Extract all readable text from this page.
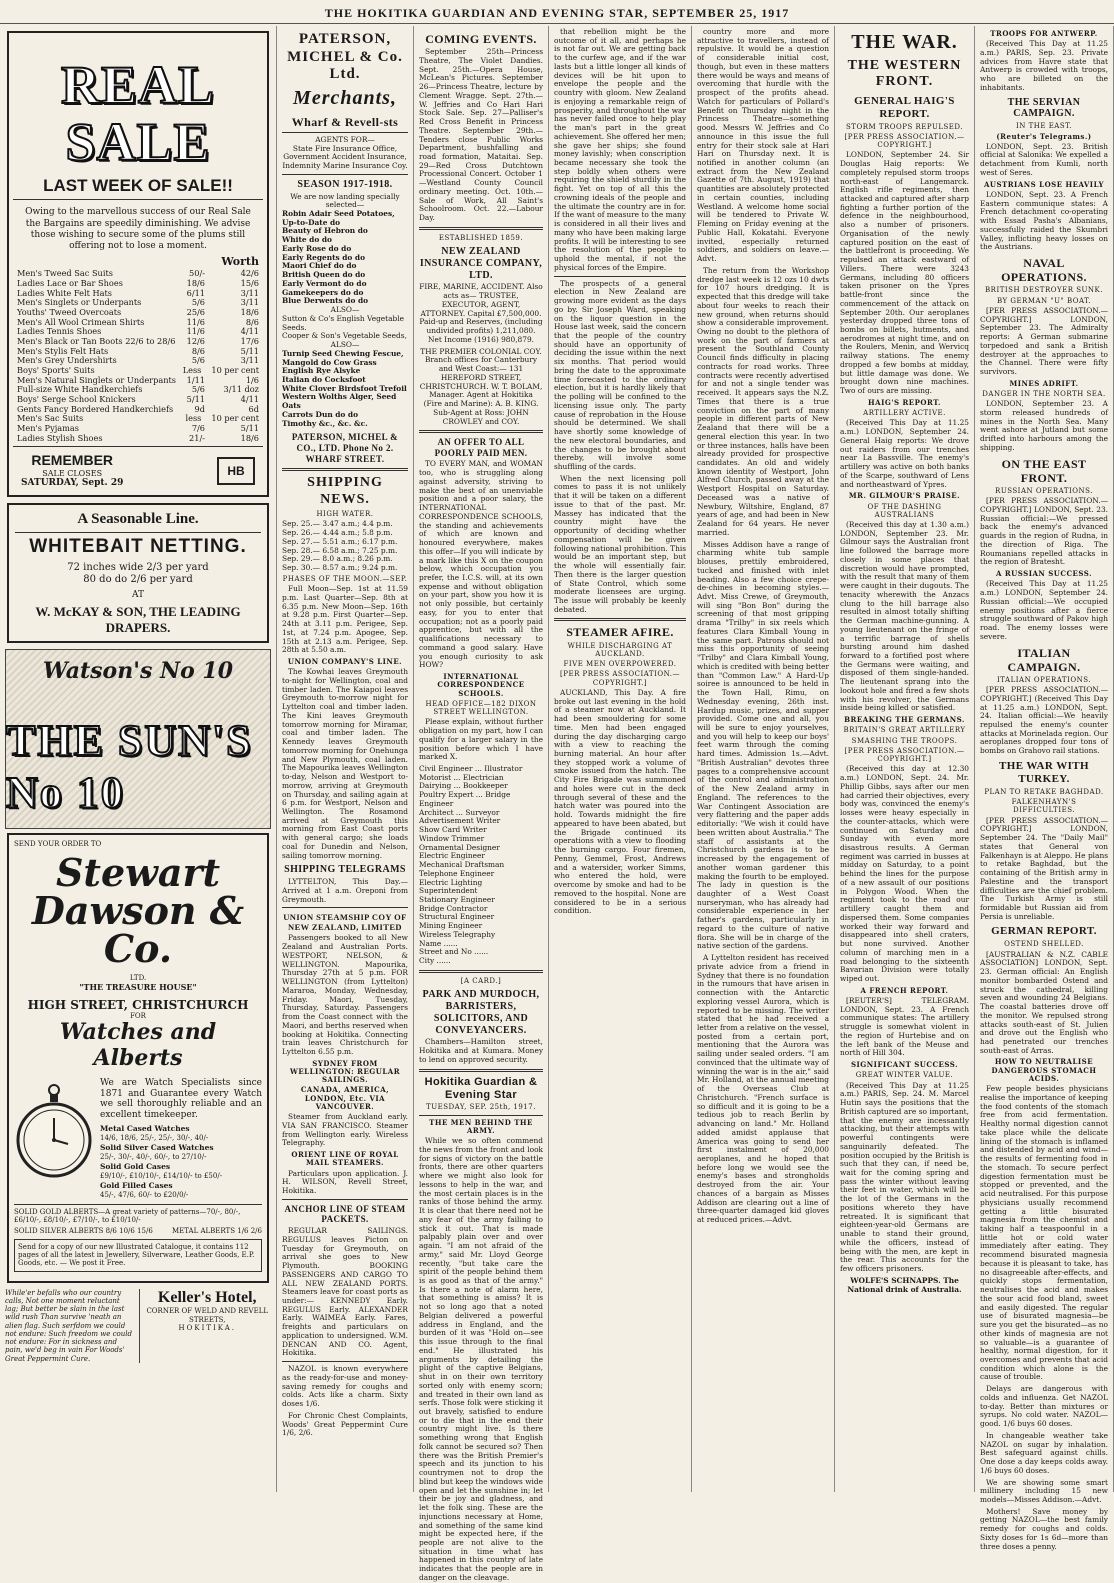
THE HOKITIKA GUARDIAN AND EVENING STAR, SEPTEMBER 25, 1917
REAL SALE
LAST WEEK OF SALE!!
Owing to the marvellous success of our Real Sale the Bargains are speedily diminishing. We advise those wishing to secure some of the plums still offering not to lose a moment.
Worth
Men's Tweed Sac Suits	50/-	42/6
Ladies Lace or Bar Shoes	18/6	15/6
Ladies White Felt Hats	6/11	3/11
Men's Singlets or Underpants	5/6	3/11
Youths' Tweed Overcoats	25/6	18/6
Men's All Wool Crimean Shirts	11/6	8/6
Ladies Tennis Shoes	11/6	4/11
Men's Black or Tan Boots 22/6 to 28/6 12/6	17/6
Men's Stylis Felt Hats	8/6	5/11
Men's Grey Undershirts	5/6	3/11
Boys' Sports' Suits	Less 10 per cent
Men's Natural Singlets or Underpants 1/11	1/6
Full-size White Handkerchiefs	5/6	3/11 doz
Boys' Serge School Knickers	5/11	4/11
Gents Fancy Bordered Handkerchiefs	9d	6d
Men's Sac Suits	less 10 per cent
Men's Pyjamas	7/6	5/11
Ladies Stylish Shoes	21/-	18/6
REMEMBER
SALE CLOSES
SATURDAY, Sept. 29
HB
A Seasonable Line.
WHITEBAIT NETTING.
72 inches wide 2/3 per yard
80 do do 2/6 per yard
AT
W. McKAY & SON, THE LEADING DRAPERS.
Watson's No 10
THE SUN'S No 10
SEND YOUR ORDER TO
Stewart Dawson & Co.
LTD.
"THE TREASURE HOUSE"
HIGH STREET, CHRISTCHURCH
FOR
Watches and Alberts
We are Watch Specialists since 1871 and Guarantee every Watch we sell thoroughly reliable and an excellent timekeeper.
Metal Cased Watches
14/6, 18/6, 25/-, 25/-, 30/-, 40/-
Solid Silver Cased Watches
25/-, 30/-, 40/-, 60/-, to 27/10/-
Solid Gold Cases
£9/10/-, £10/10/-, £14/10/- to £50/-
Gold Filled Cases
45/-, 47/6, 60/- to £20/0/-
SOLID GOLD ALBERTS—A great variety of patterns—70/-, 80/-, £6/10/-, £8/10/-, £7/10/-, to £10/10/-
SOLID SILVER ALBERTS 8/6 10/6 15/6	METAL ALBERTS 1/6 2/6
Send for a copy of our new Illustrated Catalogue, it contains 112 pages of all the latest in Jewellery, Silverware, Leather Goods, E.P. Goods, etc. — We post it Free.
While'er befalls who our country calls, Not one moment reluctant lag; But better be slain in the last wild rush Than survive 'neath an alien flag. Such serfdom we could not endure: Such freedom we could not endure: For in sickness and pain, we'd beg in vain For Woods' Great Peppermint Cure.
Keller's Hotel,
CORNER OF WELD AND REVELL STREETS,
HOKITIKA.
PATERSON, MICHEL & Co. Ltd.
Merchants,
Wharf & Revell-sts
AGENTS FOR—
State Fire Insurance Office, Government Accident Insurance, Indemnity Marine Insurance Coy.
SEASON 1917-1918.
We are now landing specially selected—
Robin Adair Seed Potatoes, Up-to-Date do
Beauty of Hebron do
White do do
Early Rose do do
Early Regents do do
Maori Chief do do
British Queen do do
Early Vermont do do
Gamekeepers do do
Blue Derwents do do
ALSO—
Sutton & Co's English Vegetable Seeds.
Cooper & Son's Vegetable Seeds,
ALSO—
Turnip Seed Chewing Fescue,
Mangold do Cow Grass
English Rye Alsyke
Italian do Cocksfoot
White Clover Birdsfoot Trefoil
Western Wolths Alger, Seed Oats
Carrots Dun do do
Timothy &c., &c. &c.
PATERSON, MICHEL & CO., LTD. Phone No 2. WHARF STREET.
SHIPPING NEWS.
HIGH WATER.
Sep. 25.— 3.47 a.m.; 4.4 p.m.
Sep. 26.— 4.44 a.m.; 5.8 p.m.
Sep. 27.— 5.51 a.m.; 6.17 p.m.
Sep. 28.— 6.58 a.m.; 7.25 p.m.
Sep. 29.— 8.0 a.m.; 8.26 p.m.
Sep. 30.— 8.57 a.m.; 9.24 p.m.
PHASES OF THE MOON.—SEP.

Full Moon—Sep. 1st at 11.59 p.m. Last Quarter—Sep. 8th at 6.35 p.m. New Moon—Sep. 16th at 9.28 p.m. First Quarter—Sep. 24th at 3.11 p.m. Perigee, Sep. 1st, at 7.24 p.m. Apogee, Sep. 15th at 2.13 a.m. Perigee, Sep. 28th at 5.50 a.m.

UNION COMPANY'S LINE.

The Kowhai leaves Greymouth to-night for Wellington, coal and timber laden. The Kaiapoi leaves Greymouth to-morrow night for Lyttelton coal and timber laden. The Kini leaves Greymouth tomorrow morning for Miramar, coal and timber laden. The Kennedy leaves Greymouth tomorrow morning for Onehunga and New Plymouth, coal laden. The Mapourika leaves Wellington to-day, Nelson and Westport to-morrow, arriving at Greymouth on Thursday, and sailing again at 6 p.m. for Westport, Nelson and Wellington. The Rosamond arrived at Greymouth this morning from East Coast ports with general cargo; she loads coal for Dunedin and Nelson, sailing tomorrow morning.

SHIPPING TELEGRAMS

LYTTELTON, This Day.—Arrived at 1 a.m. Oreponi from Greymouth.

UNION STEAMSHIP COY OF NEW ZEALAND, LIMITED

Passengers booked to all New Zealand and Australian Ports. WESTPORT, NELSON, & WELLINGTON. Mapourika, Thursday 27th at 5 p.m. FOR WELLINGTON (from Lyttelton) Mararoa, Monday, Wednesday, Friday. Maori, Tuesday, Thursday, Saturday. Passengers from the Coast connect with the Maori, and berths reserved when booking at Hokitika. Connecting train leaves Christchurch for Lyttelton 6.55 p.m.

SYDNEY FROM WELLINGTON: REGULAR SAILINGS.
CANADA, AMERICA, LONDON, Etc. VIA VANCOUVER.

Steamer from Auckland early. VIA SAN FRANCISCO. Steamer from Wellington early. Wireless Telegraphy.

ORIENT LINE OF ROYAL MAIL STEAMERS.

Particulars upon application. J. H. WILSON, Revell Street, Hokitika.

ANCHOR LINE OF STEAM PACKETS.

REGULAR SAILINGS. REGULUS leaves Picton on Tuesday for Greymouth, on arrival she goes to New Plymouth. BOOKING PASSENGERS AND CARGO TO ALL NEW ZEALAND PORTS. Steamers leave for coast ports as under:— KENNEDY Early. REGULUS Early. ALEXANDER Early. WAIMEA Early. Fares, freights and particulars on application to undersigned. W.M. DENCAN AND CO. Agent, Hokitika.

NAZOL is known everywhere as the ready-for-use and money-saving remedy for coughs and colds. Acts like a charm. Sixty doses 1/6.

For Chronic Chest Complaints, Woods' Great Peppermint Cure 1/6, 2/6.

COMING EVENTS.

September 25th—Princess Theatre, The Violet Dandies. Sept. 25th.—Opera House, McLean's Pictures. September 26—Princess Theatre, lecture by Clement Wragge. Sept. 27th.—W. Jeffries and Co Hari Hari Stock Sale. Sep. 27—Palliser's Red Cross Benefit in Princess Theatre. September 29th.—Tenders close Public Works Department, bushfalling and road formation, Mataitai. Sep. 29—Red Cross Dutchtown Processional Concert. October 1—Westland County Council ordinary meeting. Oct. 10th.—Sale of Work, All Saint's Schoolroom. Oct. 22.—Labour Day.

ESTABLISHED 1859.
NEW ZEALAND INSURANCE COMPANY, LTD.

FIRE, MARINE, ACCIDENT. Also acts as— TRUSTEE, EXECUTOR, AGENT, ATTORNEY. Capital £7,500,000. Paid-up and Reserves, (including undivided profits) 1,211,080. Net Income (1916) 980,879.

THE PREMIER COLONIAL COY. Branch offices for Canterbury and West Coast:— 131 HEREFORD STREET, CHRISTCHURCH. W. T. BOLAM, Manager. Agent at Hokitika (Fire and Marine): A. B. KING. Sub-Agent at Ross: JOHN CROWLEY and COY.

AN OFFER TO ALL POORLY PAID MEN.

TO EVERY MAN, and WOMAN too, who is struggling along against adversity, striving to make the best of an unenviable position and a poor salary, the INTERNATIONAL CORRESPONDENCE SCHOOLS, the standing and achievements of which are known and honoured everywhere, makes this offer—If you will indicate by a mark like this X on the coupon below, which occupation you prefer, the I.C.S. will, at its own expense and without obligation on your part, show you how it is not only possible, but certainly easy, for you to enter that occupation; not as a poorly paid apprentice, but with all the qualifications necessary to command a good salary. Have you enough curiosity to ask HOW?

INTERNATIONAL CORRESPONDENCE SCHOOLS.
HEAD OFFICE—182 DIXON STREET WELLINGTON.

Please explain, without further obligation on my part, how I can qualify for a larger salary in the position before which I have marked X.

Civil Engineer ... Illustrator
Motorist ... Electrician
Dairying ... Bookkeeper
Poultry Expert ... Bridge Engineer
Architect ... Surveyor
Advertisement Writer
Show Card Writer
Window Trimmer
Ornamental Designer
Electric Engineer
Mechanical Draftsman
Telephone Engineer
Electric Lighting Superintendent
Stationary Engineer
Bridge Contractor
Structural Engineer
Mining Engineer
Wireless Telegraphy
Name ......
Street and No ......
City ......
[A CARD.]
PARK AND MURDOCH, BARRISTERS, SOLICITORS, AND CONVEYANCERS.

Chambers—Hamilton street, Hokitika and at Kumara. Money to lend on approved security.

Hokitika Guardian & Evening Star
TUESDAY, SEP. 25th, 1917.
THE MEN BEHIND THE ARMY.

While we so often commend the news from the front and look for signs of victory on the battle fronts, there are other quarters where we might also look for lessons to help in the war, and the most certain places is in the ranks of those behind the army. It is clear that there need not be any fear of the army failing to stick it out. That is made palpably plain over and over again. "I am not afraid of the army," said Mr. Lloyd George recently, "but take care the spirit of the people behind them is as good as that of the army." Is there a note of alarm here, that something is amiss? It is not so long ago that a noted Belgian delivered a powerful address in England, and the burden of it was "Hold on—see this issue through to the final end." He illustrated his arguments by detailing the plight of the captive Belgians, shut in on their own territory sorted only with enemy scorn; and treated in their own land as serfs. Those folk were sticking it out bravely, satisfied to endure or to die that in the end their country might live. Is there something wrong that English folk cannot be secured so? Then there was the British Premier's speech and its junction to his countrymen not to drop the blind but keep the windows wide open and let the sunshine in; let their be joy and gladness, and let the folk sing. These are the injunctions necessary at Home, and something of the same kind might be expected here, if the people are not alive to the situation in time what has happened in this country of late indicates that the people are in danger on the cleavage.

that rebellion might be the outcome of it all, and perhaps he is not far out. We are getting back to the curfew age, and if the war lasts but a little longer all kinds of devices will be hit upon to envelope the people and the country with gloom. New Zealand is enjoying a remarkable reign of prosperity, and throughout the war has never failed once to help play the man's part in the great achievement. She offered her men; she gave her ships; she found money lavishly; when conscription became necessary she took the step boldly when others were requiring the shield sturdily in the fight. Yet on top of all this the crowning ideals of the people and the ultimate the country are in for. If the want of measure to the many is considered in all their lives and many who have been making large profits. It will be interesting to see the resolution of the people to uphold the mental, if not the physical forces of the Empire.

The prospects of a general election in New Zealand are growing more evident as the days go by. Sir Joseph Ward, speaking on the liquor question in the House last week, said the concern that the people of the country should have an opportunity of deciding the issue within the next six months. That period would bring the date to the approximate time forecasted to the ordinary election, but it is hardly likely that the polling will be confined to the licensing issue only. The party cause of reprobation in the House should be determined. We shall have shortly some knowledge of the new electoral boundaries, and the changes to be brought about thereby, will involve some shuffling of the cards.

When the next licensing poll comes to pass it is not unlikely that it will be taken on a different issue to that of the past. Mr. Massey has indicated that the country might have the opportunity of deciding whether compensation will be given following national prohibition. This would be an important step, but the whole will essentially fair. Then there is the larger question of State Control, which some moderate licensees are urging. The issue will probably be keenly debated.

STEAMER AFIRE.
WHILE DISCHARGING AT AUCKLAND.
FIVE MEN OVERPOWERED.
[PER PRESS ASSOCIATION.—COPYRIGHT.]

AUCKLAND, This Day. A fire broke out last evening in the hold of a steamer now at Auckland. It had been smouldering for some time. Men had been engaged during the day discharging cargo with a view to reaching the burning material. An hour after they stopped work a volume of smoke issued from the hatch. The City Fire Brigade was summoned and holes were cut in the deck through several of these and the hatch water was poured into the hold. Towards midnight the fire appeared to have been abated, but the Brigade continued its operations with a view to flooding the burning cargo. Four firemen, Penny, Gemmel, Frost, Andrews and a watersider, worker Simms, who entered the hold, were overcome by smoke and had to be removed to the hospital. None are considered to be in a serious condition.

country more and more attractive to travellers, instead of repulsive. It would be a question of considerable initial cost, though, but even in these matters there would be ways and means of overcoming that hurdle with the prospect of the profits ahead. Watch for particulars of Pollard's Benefit on Thursday night in the Princess Theatre—something good. Messrs W. Jeffries and Co announce in this issue the full entry for their stock sale at Hari Hari on Thursday next. It is notified in another column (an extract from the New Zealand Gazette of 7th. August, 1919) that quantities are absolutely protected in certain counties, including Westland. A welcome home social will be tendered to Private W. Fleming on Friday evening at the Public Hall, Kokatahi. Everyone invited, especially returned soldiers, and soldiers on leave.—Advt.

The return from the Workshop dredge last week is 12 ozs 10 dwts for 107 hours dredging. It is expected that this dredge will take about four weeks to reach their new ground, when returns should show a considerable improvement. Owing no doubt to the plethora of work on the part of farmers at present the Southland County Council finds difficulty in placing contracts for road works. Three contracts were recently advertised for and not a single tender was received. It appears says the N.Z. Times that there is a true conviction on the part of many people in different parts of New Zealand that there will be a general election this year. In two or three instances, halls have been already provided for prospective candidates. An old and widely known identity of Westport, John Alfred Church, passed away at the Westport Hospital on Saturday. Deceased was a native of Newbury, Wiltshire, England, 87 years of age, and had been in New Zealand for 64 years. He never married.

Misses Addison have a range of charming white tub sample blouses, prettily embroidered, tucked and finished with inlet beading. Also a few choice crepe-de-chines in becoming styles.—Advt. Miss Crewe, of Greymouth, will sing "Bon Bon" during the screening of that most gripping drama "Trilby" in six reels which features Clara Kimball Young in the same part. Patrons should not miss this opportunity of seeing "Trilby" and Clara Kimball Young, which is credited with being better than "Common Law." A Hard-Up soiree is announced to be held in the Town Hall, Rimu, on Wednesday evening, 26th inst. Hardup music, prizes, and supper provided. Come one and all, you will be sure to enjoy yourselves, and you will help to keep our boys' feet warm through the coming hard times. Admission 1s.—Advt. "British Australian" devotes three pages to a comprehensive account of the control and administration of the New Zealand army in England. The references to the War Contingent Association are very flattering and the paper adds editorially: "We wish it could have been written about Australia." The staff of assistants at the Christchurch gardens is to be increased by the engagement of another woman gardener this making the fourth to be employed. The lady in question is the daughter of a West Coast nurseryman, who has already had considerable experience in her father's gardens, particularly in regard to the culture of native flora. She will be in charge of the native section of the gardens.

A Lyttelton resident has received private advice from a friend in Sydney that there is no foundation in the rumours that have arisen in connection with the Antarctic exploring vessel Aurora, which is reported to be missing. The writer stated that he had received a letter from a relative on the vessel, posted from a certain port, mentioning that the Aurora was sailing under sealed orders. "I am convinced that the ultimate way of winning the war is in the air," said Mr. Holland, at the annual meeting of the Overseas Club at Christchurch. "French surface is so difficult and it is going to be a tedious job to reach Berlin by advancing on land." Mr. Holland added amidst applause that America was going to send her first instalment of 20,000 aeroplanes, and he hoped that before long we would see the enemy's bases and strongholds destroyed from the air. Your chances of a bargain as Misses Addison are clearing out a line of three-quarter damaged kid gloves at reduced prices.—Advt.

THE WAR.
THE WESTERN FRONT.
GENERAL HAIG'S REPORT.
STORM TROOPS REPULSED.
[PER PRESS ASSOCIATION.—COPYRIGHT.]

LONDON, September 24. Sir Douglas Haig reports: We completely repulsed storm troops north-east of Langemarck. English rifle regiments, then attacked and captured after sharp fighting a further portion of the defence in the neighbourhood, also a number of prisoners. Organisation of the newly captured position on the east of the battlefront is proceeding. We repulsed an attack eastward of Villers. There were 3243 Germans, including 80 officers taken prisoner on the Ypres battle-front since the commencement of the attack on September 20th. Our aeroplanes yesterday dropped three tons of bombs on billets, hutments, and aerodromes at night time, and on the Roulers, Menin, and Wervicq railway stations. The enemy dropped a few bombs at midday, but little damage was done. We brought down nine machines. Two of ours are missing.

HAIG'S REPORT.
ARTILLERY ACTIVE.

(Received This Day at 11.25 a.m.) LONDON, September 24. General Haig reports: We drove out raiders from our trenches near La Bassville. The enemy's artillery was active on both banks of the Scarpe, southward of Lens and northeastward of Ypres.

MR. GILMOUR'S PRAISE.
OF THE DASHING AUSTRALIANS

(Received this day at 1.30 a.m.) LONDON, September 23. Mr. Gilmour says the Australian front line followed the barrage more closely in some places that discretion would have prompted, with the result that many of them were caught in their dugouts. The tenacity wherewith the Anzacs clung to the hill barrage also resulted in almost totally shifting the German machine-gunning. A young lieutenant on the fringe of a terrific barrage of shells bursting around him dashed forward to a fortified post where the Germans were waiting, and disposed of them single-handed. The lieutenant sprang into the lookout hole and fired a few shots with his revolver, the Germans inside being killed or satisfied.

BREAKING THE GERMANS.
BRITAIN'S GREAT ARTILLERY
SMASHING THE TROOPS.
[PER PRESS ASSOCIATION.—COPYRIGHT.]

(Received this day at 12.30 a.m.) LONDON, Sept. 24. Mr. Phillip Gibbs, says after our men had carried their objectives, every body was, convinced the enemy's losses were heavy especially in the counter-attacks, which were continued on Saturday and Sunday with even more disastrous results. A German regiment was carried in busses at midday on Saturday, to a point behind the lines for the purpose of a new assault of our positions in Polygon Wood. When the regiment took to the road our artillery caught them and dispersed them. Some companies worked their way forward and disappeared into shell craters, but none survived. Another column of marching men in a road belonging to the sixteenth Bavarian Division were totally wiped out.

A FRENCH REPORT.

[REUTER'S] TELEGRAM. LONDON, Sept. 23. A French communique states: The artillery struggle is somewhat violent in the region of Hurtebise and on the left bank of the Meuse and north of Hill 304.

SIGNIFICANT SUCCESS.
GREAT WINTER VALUE.

(Received This Day at 11.25 a.m.) PARIS, Sep. 24. M. Marcel Hutin says the positions that the British captured are so important, that the enemy are incessantly attacking, but their attempts with powerful contingents were sanguinarily defeated. The position occupied by the British is such that they can, if need be, wait for the coming spring and pass the winter without leaving their feet in water, which will be the lot of the Germans in the positions whereto they have retreated. It is significant that eighteen-year-old Germans are unable to stand their ground, while the officers, instead of being with the men, are kept in the rear. This accounts for the few officers prisoners.

WOLFE'S SCHNAPPS. The National drink of Australia.
TROOPS FOR ANTWERP.

(Received This Day at 11.25 a.m.) PARIS, Sep. 23. Private advices from Havre state that Antwerp is crowded with troops, who are billeted on the inhabitants.

THE SERVIAN CAMPAIGN.
IN THE EAST.
(Reuter's Telegrams.)

LONDON, Sept. 23. British official at Salonika: We expelled a detachment from Kumli, north west of Seres.

AUSTRIANS LOSE HEAVILY

LONDON, Sept. 23. A French Eastern communique states: A French detachment co-operating with Essad Pasha's Albanians, successfully raided the Skumbri Valley, inflicting heavy losses on the Austrians.

NAVAL OPERATIONS.
BRITISH DESTROYER SUNK.
BY GERMAN "U" BOAT.

[PER PRESS ASSOCIATION.—COPYRIGHT.] LONDON, September 23. The Admiralty reports: A German submarine torpedoed and sank a British destroyer at the approaches to the Channel. There were fifty survivors.

MINES ADRIFT.
DANGER IN THE NORTH SEA.

LONDON, September 23. A storm released hundreds of mines in the North Sea. Many went ashore at Jutland but some drifted into harbours among the shipping.

ON THE EAST FRONT.
RUSSIAN OPERATIONS.

[PER PRESS ASSOCIATION.—COPYRIGHT.] LONDON, Sept. 23. Russian official:—We pressed back the enemy's advanced guards in the region of Rudna, in the direction of Riga. The Roumanians repelled attacks in the region of Bratesht.

A RUSSIAN SUCCESS.

(Received This Day at 11.25 a.m.) LONDON, September 24. Russian official:—We occupied enemy positions after a fierce struggle southward of Pakov high road. The enemy losses were severe.

ITALIAN CAMPAIGN.
ITALIAN OPERATIONS.

[PER PRESS ASSOCIATION.—COPYRIGHT.] (Received This Day at 11.25 a.m.) LONDON, Sept. 24. Italian official:—We heavily repulsed the enemy's counter attacks at Morinelada region. Our aeroplanes dropped four tons of bombs on Grahovo rail stations.

THE WAR WITH TURKEY.
PLAN TO RETAKE BAGHDAD.
FALKENHAYN'S DIFFICULTIES.

[PER PRESS ASSOCIATION.—COPYRIGHT.] LONDON, September 24. The "Daily Mail" states that General von Falkenhayn is at Aleppo. He plans to retake Baghdad, but the containing of the British army in Palestine and the transport difficulties are the chief problem. The Turkish Army is still formidable but Russian aid from Persia is unreliable.

GERMAN REPORT.
OSTEND SHELLED.

[AUSTRALIAN & N.Z. CABLE ASSOCIATION] LONDON, Sept. 23. German official: An English monitor bombarded Ostend and struck the cathedral, killing seven and wounding 24 Belgians. The coastal batteries drove off the monitor. We repulsed strong attacks south-east of St. Julien and drove out the English who had penetrated our trenches south-east of Arras.

HOW TO NEUTRALISE DANGEROUS STOMACH ACIDS.

Few people besides physicians realise the importance of keeping the food contents of the stomach free from acid fermentation. Healthy normal digestion cannot take place while the delicate lining of the stomach is inflamed and distended by acid and wind—the results of fermenting food in the stomach. To secure perfect digestion fermentation must be stopped or prevented, and the acid neutralised. For this purpose physicians usually recommend getting a little bisurated magnesia from the chemist and taking half a teaspoonful in a little hot or cold water immediately after eating. They recommend bisurated magnesia because it is pleasant to take, has no disagreeable after-effects, and quickly stops fermentation, neutralises the acid and makes the sour acid food bland, sweet and easily digested. The regular use of bisurated magnesia—be sure you get the bisurated—as no other kinds of magnesia are not so valuable—is a guarantee of healthy, normal digestion, for it overcomes and prevents that acid condition which alone is the cause of trouble.

Delays are dangerous with colds and influenza. Get NAZOL to-day. Better than mixtures or syrups. No cold water. NAZOL—good. 1/6 buys 60 doses.

In changeable weather take NAZOL on sugar by inhalation. Best safeguard against chills. One dose a day keeps colds away. 1/6 buys 60 doses.

We are showing some smart millinery including 15 new models—Misses Addison.—Advt.

Mothers! Save money by getting NAZOL—the best family remedy for coughs and colds. Sixty doses for 1s 6d—more than three doses a penny.
